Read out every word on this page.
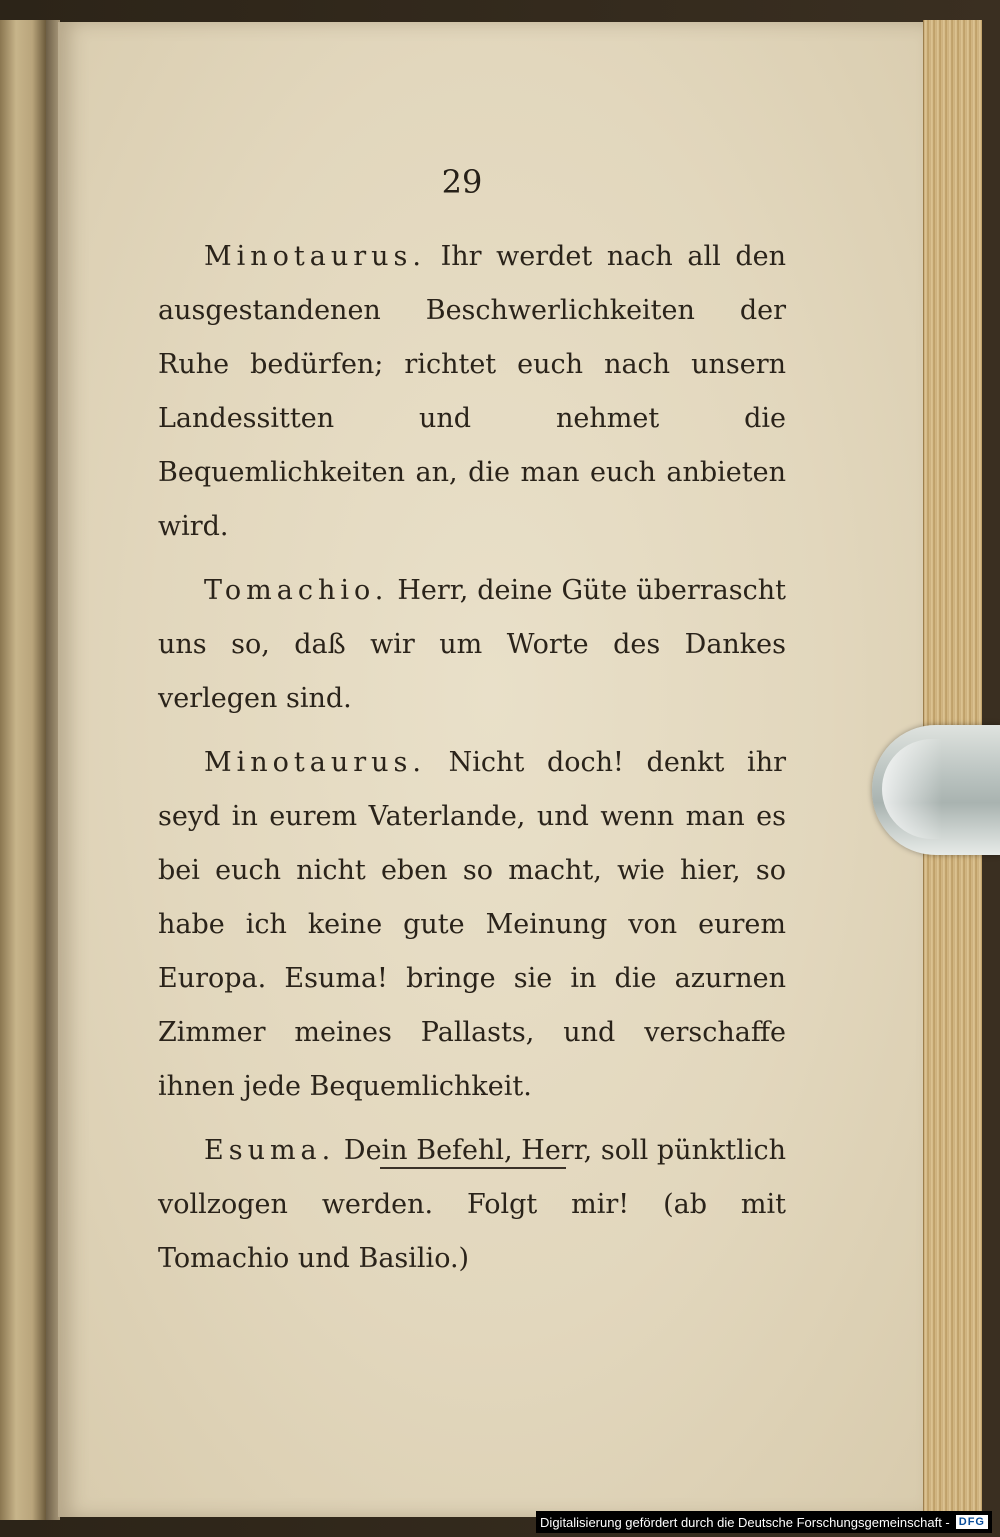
29

Minotaurus. Ihr werdet nach all den ausgestandenen Beschwerlichkeiten der Ruhe bedürfen; richtet euch nach unsern Landessitten und nehmet die Bequemlichkeiten an, die man euch anbieten wird.

Tomachio. Herr, deine Güte überrascht uns so, daß wir um Worte des Dankes verlegen sind.

Minotaurus. Nicht doch! denkt ihr seyd in eurem Vaterlande, und wenn man es bei euch nicht eben so macht, wie hier, so habe ich keine gute Meinung von eurem Europa. Esuma! bringe sie in die azurnen Zimmer meines Pallasts, und verschaffe ihnen jede Bequemlichkeit.

Esuma. Dein Befehl, Herr, soll pünktlich vollzogen werden. Folgt mir! (ab mit Tomachio und Basilio.)

Digitalisierung gefördert durch die Deutsche Forschungsgemeinschaft - DFG
